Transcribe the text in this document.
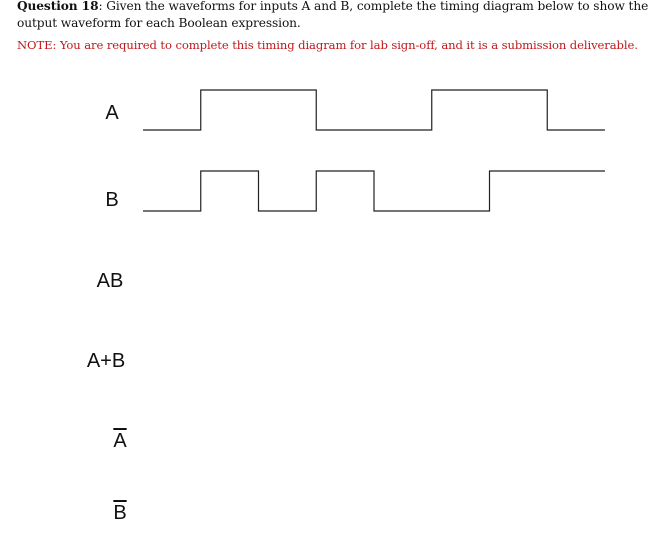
Question 18: Given the waveforms for inputs A and B, complete the timing diagram below to show the output waveform for each Boolean expression.
NOTE: You are required to complete this timing diagram for lab sign-off, and it is a submission deliverable.
A
B
AB
A+B
$\overline{A}$
$\overline{B}$
